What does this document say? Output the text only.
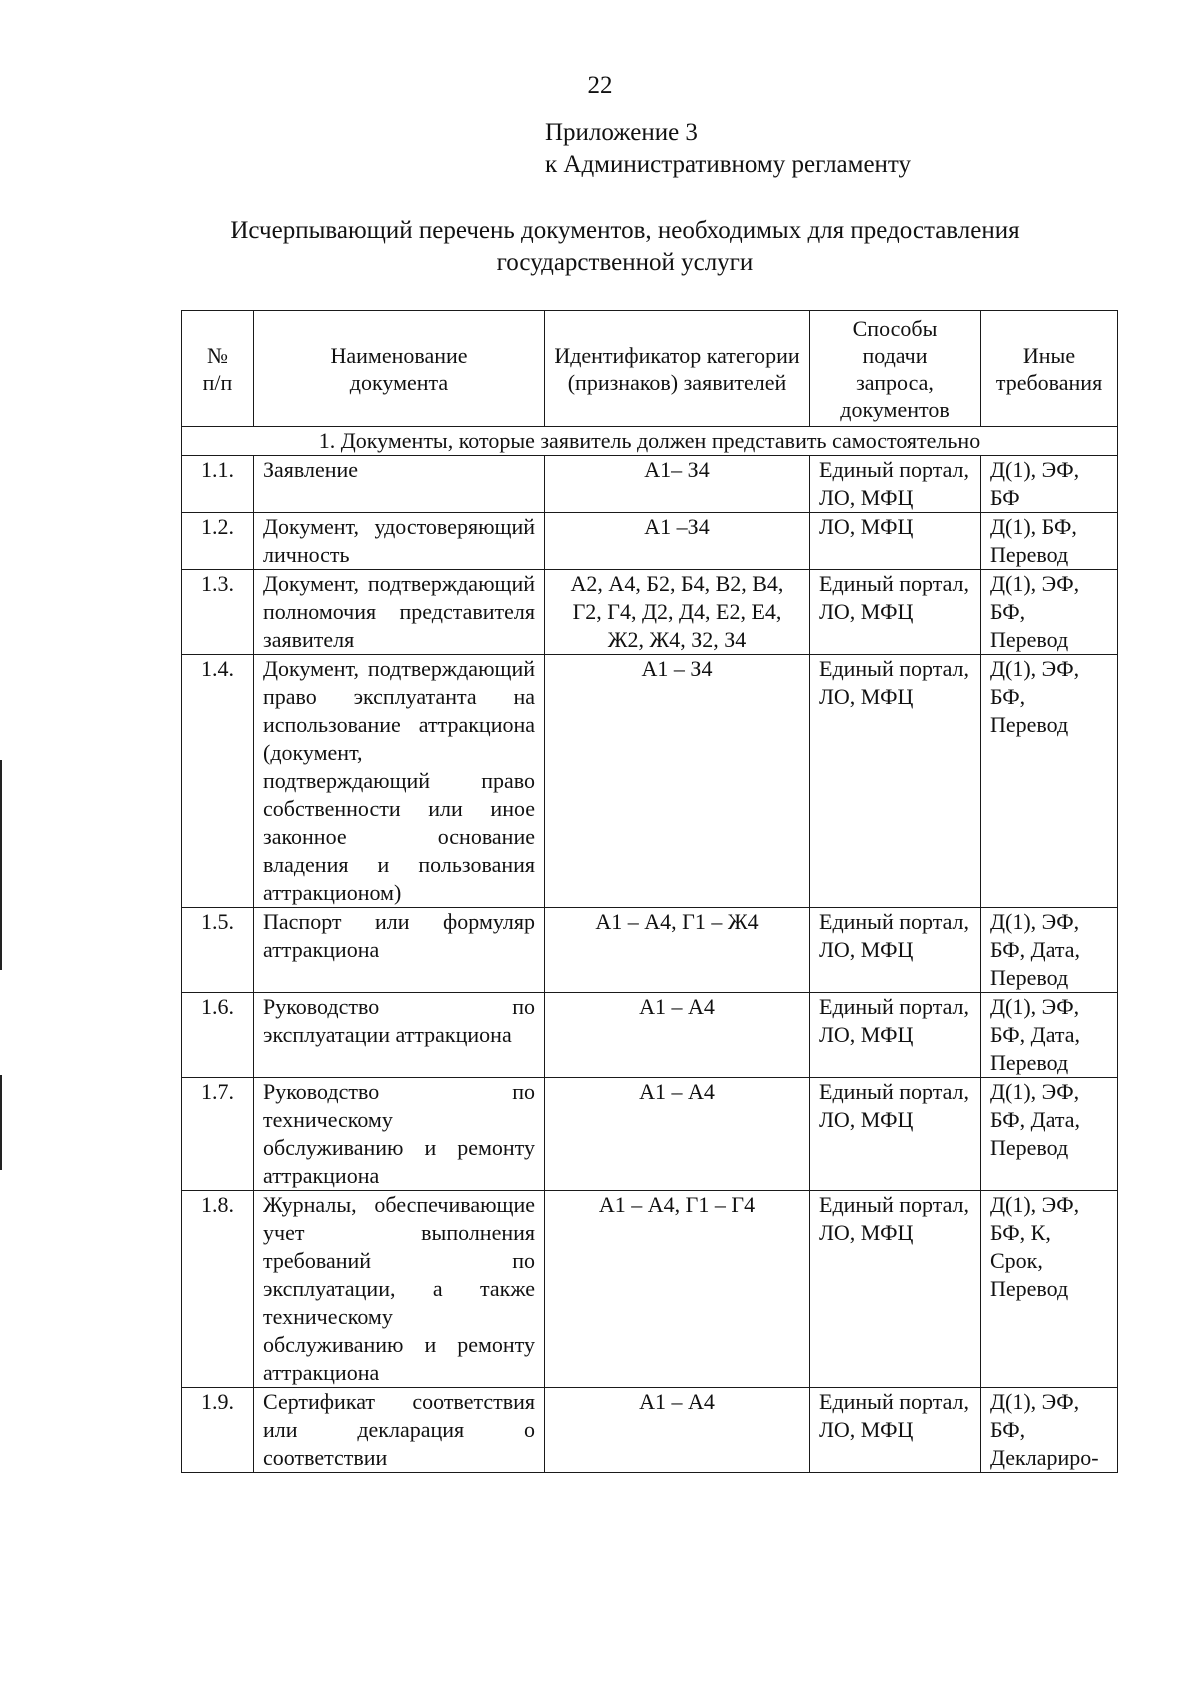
22
Приложение 3
к Административному регламенту
Исчерпывающий перечень документов, необходимых для предоставления
государственной услуги
№ п/п	Наименование документа	Идентификатор категории (признаков) заявителей	Способы подачи запроса, документов	Иные требования
1. Документы, которые заявитель должен представить самостоятельно				
1.1.	Заявление	А1– З4	Единый портал, ЛО, МФЦ	Д(1), ЭФ, БФ
1.2.	Документ, удостоверяющий личность	А1 –З4	ЛО, МФЦ	Д(1), БФ, Перевод
1.3.	Документ, подтверждающий полномочия представителя заявителя	А2, А4, Б2, Б4, В2, В4, Г2, Г4, Д2, Д4, Е2, Е4, Ж2, Ж4, З2, З4	Единый портал, ЛО, МФЦ	Д(1), ЭФ, БФ, Перевод
1.4.	Документ, подтверждающий право эксплуатанта на использование аттракциона (документ, подтверждающий право собственности или иное законное основание владения и пользования аттракционом)	А1 – З4	Единый портал, ЛО, МФЦ	Д(1), ЭФ, БФ, Перевод
1.5.	Паспорт или формуляр аттракциона	А1 – А4, Г1 – Ж4	Единый портал, ЛО, МФЦ	Д(1), ЭФ, БФ, Дата, Перевод
1.6.	Руководство по эксплуатации аттракциона	А1 – А4	Единый портал, ЛО, МФЦ	Д(1), ЭФ, БФ, Дата, Перевод
1.7.	Руководство по техническому обслуживанию и ремонту аттракциона	А1 – А4	Единый портал, ЛО, МФЦ	Д(1), ЭФ, БФ, Дата, Перевод
1.8.	Журналы, обеспечивающие учет выполнения требований по эксплуатации, а также техническому обслуживанию и ремонту аттракциона	А1 – А4, Г1 – Г4	Единый портал, ЛО, МФЦ	Д(1), ЭФ, БФ, К, Срок, Перевод
1.9.	Сертификат соответствия или декларация о соответствии	А1 – А4	Единый портал, ЛО, МФЦ	Д(1), ЭФ, БФ, Деклариро-
